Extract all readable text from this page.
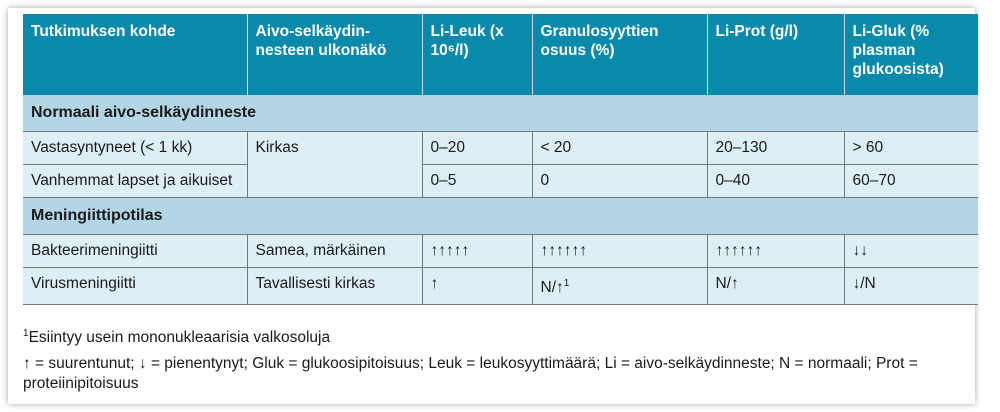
Tutkimuksen kohde	Aivo-selkäydin-nesteen ulkonäkö	Li-Leuk (x 10⁶/l)	Granulosyyttien osuus (%)	Li-Prot (g/l)	Li-Gluk (% plasman glukoosista)
Normaali aivo-selkäydinneste					
Vastasyntyneet (< 1 kk)	Kirkas	0–20	< 20	20–130	> 60
Vanhemmat lapset ja aikuiset		0–5	0	0–40	60–70
Meningiittipotilas					
Bakteerimeningiitti	Samea, märkäinen	↑↑↑↑↑	↑↑↑↑↑↑	↑↑↑↑↑↑	↓↓
Virusmeningiitti	Tavallisesti kirkas	↑	N/↑$^1$	N/↑	↓/N

$^1$Esiintyy usein mononukleaarisia valkosoluja

↑ = suurentunut; ↓ = pienentynyt; Gluk = glukoosipitoisuus; Leuk = leukosyyttimäärä; Li = aivo-selkäydinneste; N = normaali; Prot = proteiinipitoisuus
